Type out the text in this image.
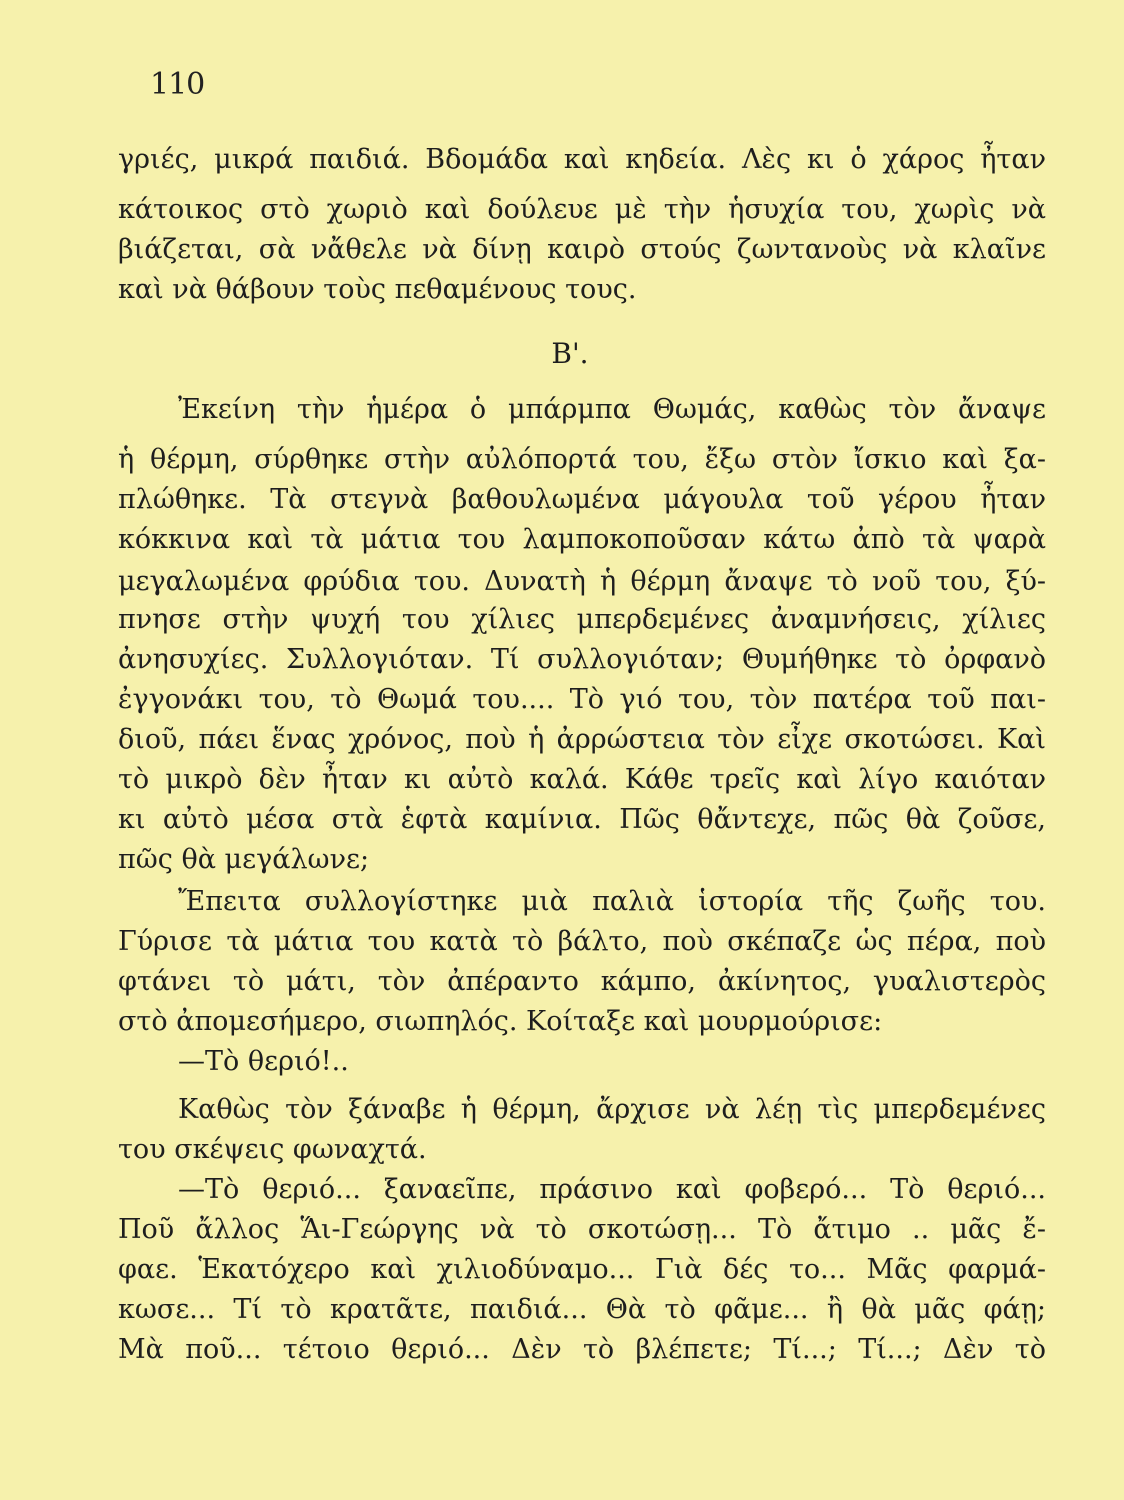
110
γριές, μικρά παιδιά. Βδομάδα καὶ κηδεία. Λὲς κι ὁ χάρος ἦταν
κάτοικος στὸ χωριὸ καὶ δούλευε μὲ τὴν ἡσυχία του, χωρὶς νὰ
βιάζεται, σὰ νἄθελε νὰ δίνῃ καιρὸ στούς ζωντανοὺς νὰ κλαῖνε
καὶ νὰ θάβουν τοὺς πεθαμένους τους.
Β'.
Ἐκείνη τὴν ἡμέρα ὁ μπάρμπα Θωμάς, καθὼς τὸν ἄναψε
ἡ θέρμη, σύρθηκε στὴν αὐλόπορτά του, ἔξω στὸν ἴσκιο καὶ ξα-
πλώθηκε. Τὰ στεγνὰ βαθουλωμένα μάγουλα τοῦ γέρου ἦταν
κόκκινα καὶ τὰ μάτια του λαμποκοποῦσαν κάτω ἀπὸ τὰ ψαρὰ
μεγαλωμένα φρύδια του. Δυνατὴ ἡ θέρμη ἄναψε τὸ νοῦ του, ξύ-
πνησε στὴν ψυχή του χίλιες μπερδεμένες ἀναμνήσεις, χίλιες
ἀνησυχίες. Συλλογιόταν. Τί συλλογιόταν; Θυμήθηκε τὸ ὀρφανὸ
ἐγγονάκι του, τὸ Θωμά του.... Τὸ γιό του, τὸν πατέρα τοῦ παι-
διοῦ, πάει ἕνας χρόνος, ποὺ ἡ ἀρρώστεια τὸν εἶχε σκοτώσει. Καὶ
τὸ μικρὸ δὲν ἦταν κι αὐτὸ καλά. Κάθε τρεῖς καὶ λίγο καιόταν
κι αὐτὸ μέσα στὰ ἑφτὰ καμίνια. Πῶς θἄντεχε, πῶς θὰ ζοῦσε,
πῶς θὰ μεγάλωνε;
Ἔπειτα συλλογίστηκε μιὰ παλιὰ ἱστορία τῆς ζωῆς του.
Γύρισε τὰ μάτια του κατὰ τὸ βάλτο, ποὺ σκέπαζε ὡς πέρα, ποὺ
φτάνει τὸ μάτι, τὸν ἀπέραντο κάμπο, ἀκίνητος, γυαλιστερὸς
στὸ ἀπομεσήμερο, σιωπηλός. Κοίταξε καὶ μουρμούρισε:
—Τὸ θεριό!..
Καθὼς τὸν ξάναβε ἡ θέρμη, ἄρχισε νὰ λέῃ τὶς μπερδεμένες
του σκέψεις φωναχτά.
—Τὸ θεριό... ξαναεῖπε, πράσινο καὶ φοβερό... Τὸ θεριό...
Ποῦ ἄλλος Ἅι-Γεώργης νὰ τὸ σκοτώσῃ... Τὸ ἄτιμο .. μᾶς ἔ-
φαε. Ἑκατόχερο καὶ χιλιοδύναμο... Γιὰ δές το... Μᾶς φαρμά-
κωσε... Τί τὸ κρατᾶτε, παιδιά... Θὰ τὸ φᾶμε... ἢ θὰ μᾶς φάῃ;
Μὰ ποῦ... τέτοιο θεριό... Δὲν τὸ βλέπετε; Τί...; Τί...; Δὲν τὸ
